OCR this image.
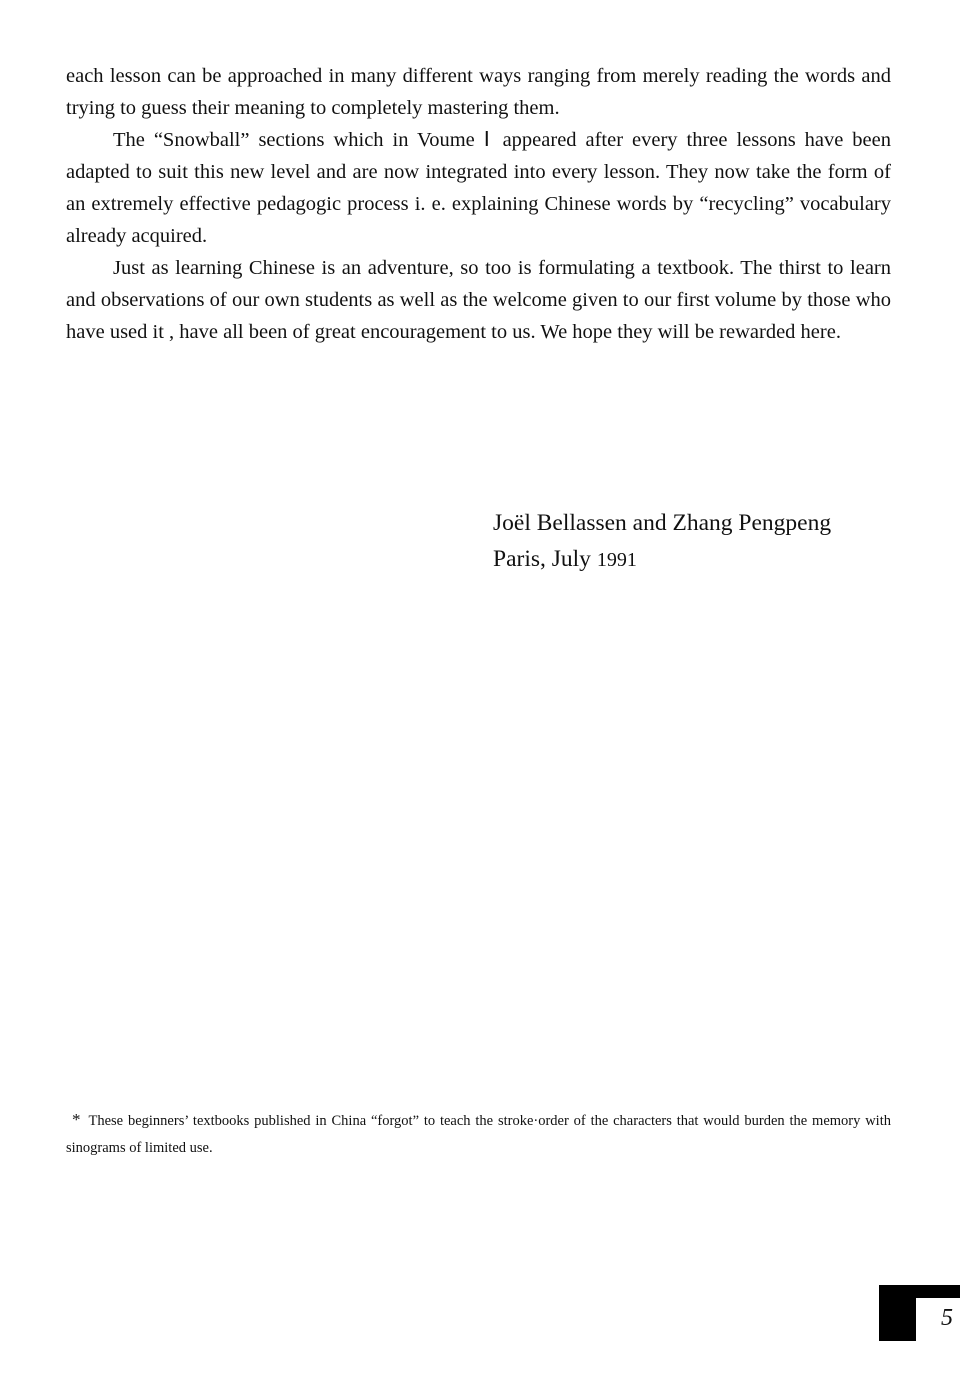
each lesson can be approached in many different ways ranging from merely reading the words and trying to guess their meaning to completely mastering them.

The “Snowball” sections which in Voume Ⅰ appeared after every three lessons have been adapted to suit this new level and are now integrated into every lesson. They now take the form of an extremely effective pedagogic process i. e. explaining Chinese words by “recycling” vocabulary already acquired.

Just as learning Chinese is an adventure, so too is formulating a textbook. The thirst to learn and observations of our own students as well as the welcome given to our first volume by those who have used it , have all been of great encouragement to us. We hope they will be rewarded here.

Joël Bellassen and Zhang Pengpeng
Paris, July 1991
* These beginners’ textbooks published in China “forgot” to teach the stroke·order of the characters that would burden the memory with sinograms of limited use.
5
